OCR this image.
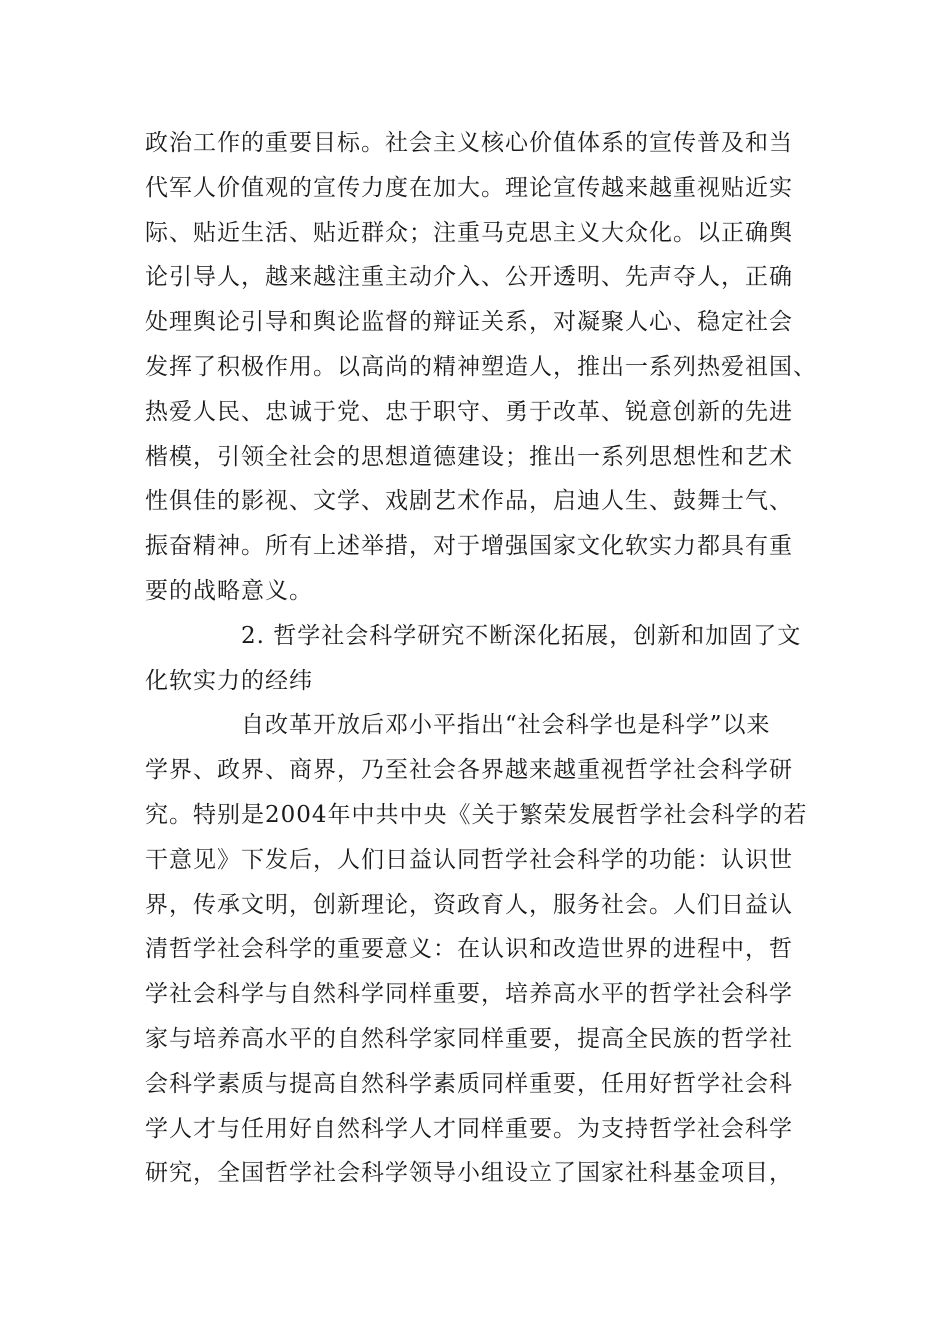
政治工作的重要目标。社会主义核心价值体系的宣传普及和当
代军人价值观的宣传力度在加大。理论宣传越来越重视贴近实
际、贴近生活、贴近群众；注重马克思主义大众化。以正确舆
论引导人，越来越注重主动介入、公开透明、先声夺人，正确
处理舆论引导和舆论监督的辩证关系，对凝聚人心、稳定社会
发挥了积极作用。以高尚的精神塑造人，推出一系列热爱祖国、
热爱人民、忠诚于党、忠于职守、勇于改革、锐意创新的先进
楷模，引领全社会的思想道德建设；推出一系列思想性和艺术
性俱佳的影视、文学、戏剧艺术作品，启迪人生、鼓舞士气、
振奋精神。所有上述举措，对于增强国家文化软实力都具有重
要的战略意义。
2. 哲学社会科学研究不断深化拓展，创新和加固了文
化软实力的经纬
自改革开放后邓小平指出“社会科学也是科学”以来
学界、政界、商界，乃至社会各界越来越重视哲学社会科学研
究。特别是2004年中共中央《关于繁荣发展哲学社会科学的若
干意见》下发后，人们日益认同哲学社会科学的功能：认识世
界，传承文明，创新理论，资政育人，服务社会。人们日益认
清哲学社会科学的重要意义：在认识和改造世界的进程中，哲
学社会科学与自然科学同样重要，培养高水平的哲学社会科学
家与培养高水平的自然科学家同样重要，提高全民族的哲学社
会科学素质与提高自然科学素质同样重要，任用好哲学社会科
学人才与任用好自然科学人才同样重要。为支持哲学社会科学
研究，全国哲学社会科学领导小组设立了国家社科基金项目，
